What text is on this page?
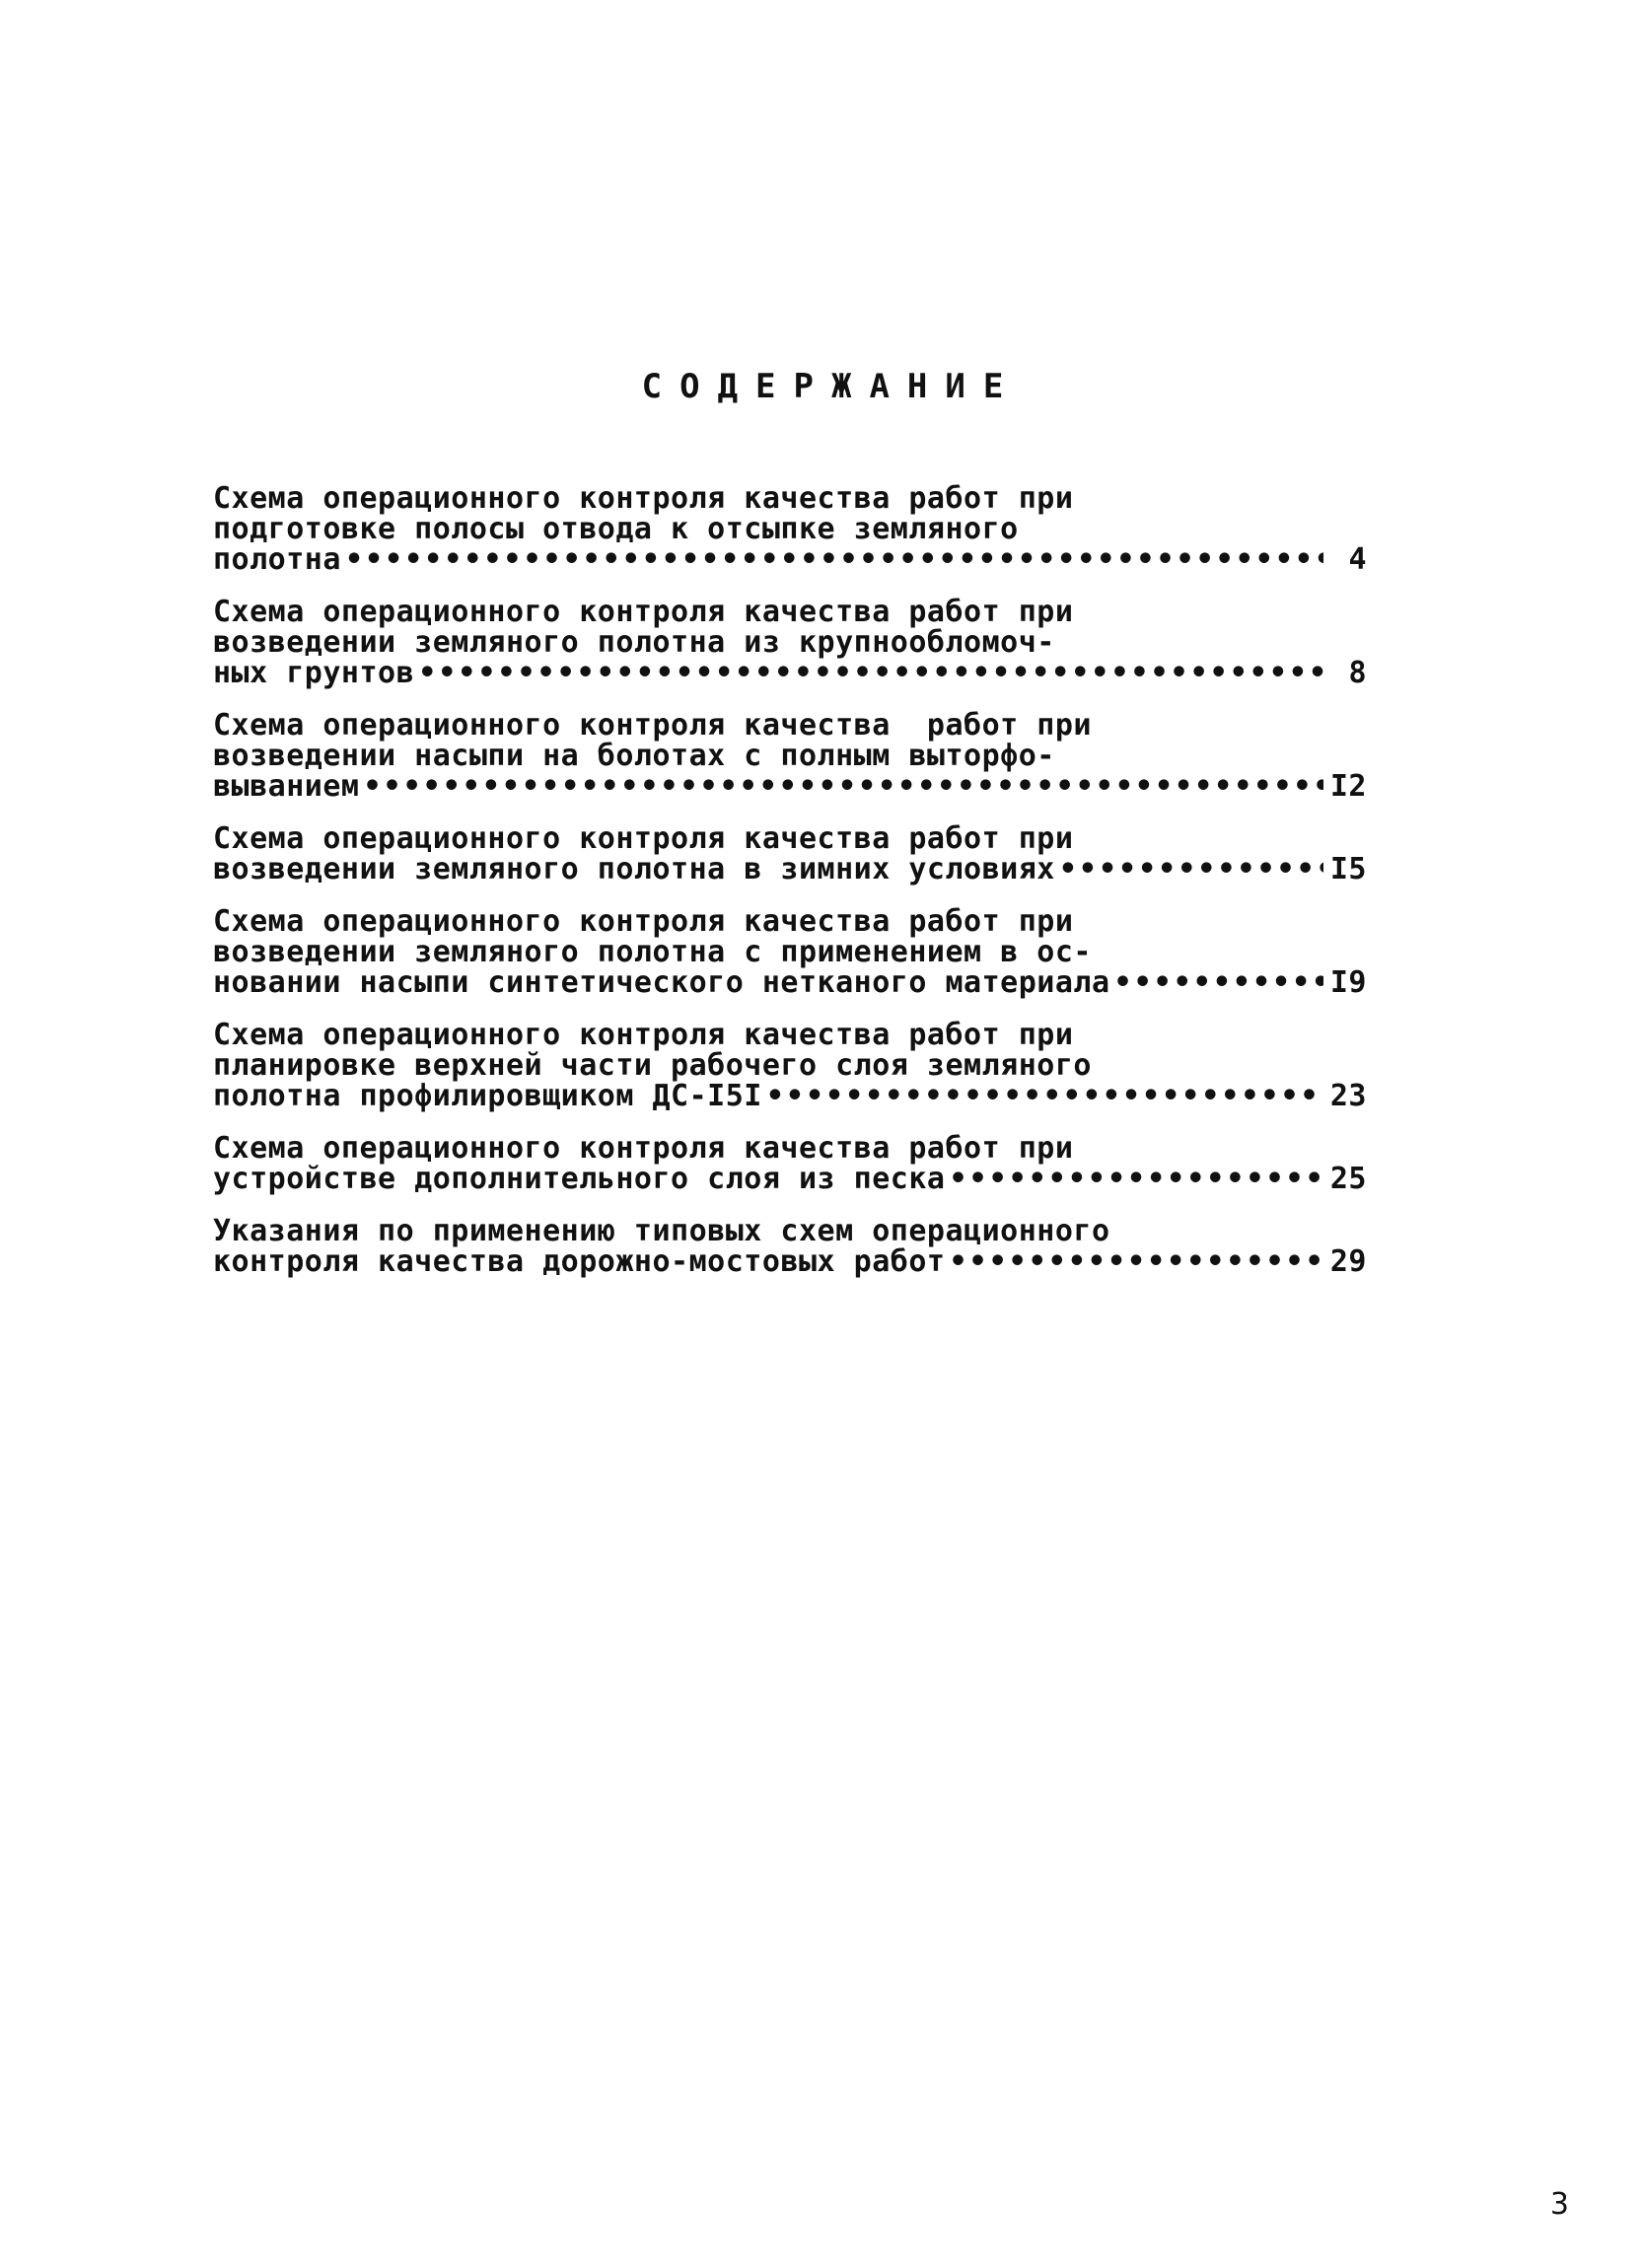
СОДЕРЖАНИЕ
Схема операционного контроля качества работ при
подготовке полосы отвода к отсыпке земляного
полотна •••••	4
Схема операционного контроля качества работ при
возведении земляного полотна из крупнообломоч-
ных грунтов •••••	8
Схема операционного контроля качества  работ при
возведении насыпи на болотах с полным выторфо-
выванием •••••	I2
Схема операционного контроля качества работ при
возведении земляного полотна в зимних условиях •••••	I5
Схема операционного контроля качества работ при
возведении земляного полотна с применением в ос-
новании насыпи синтетического нетканого материала •••••	I9
Схема операционного контроля качества работ при
планировке верхней части рабочего слоя земляного
полотна профилировщиком ДС-I5I •••••	23
Схема операционного контроля качества работ при
устройстве дополнительного слоя из песка •••••	25
Указания по применению типовых схем операционного
контроля качества дорожно-мостовых работ •••••	29
3
